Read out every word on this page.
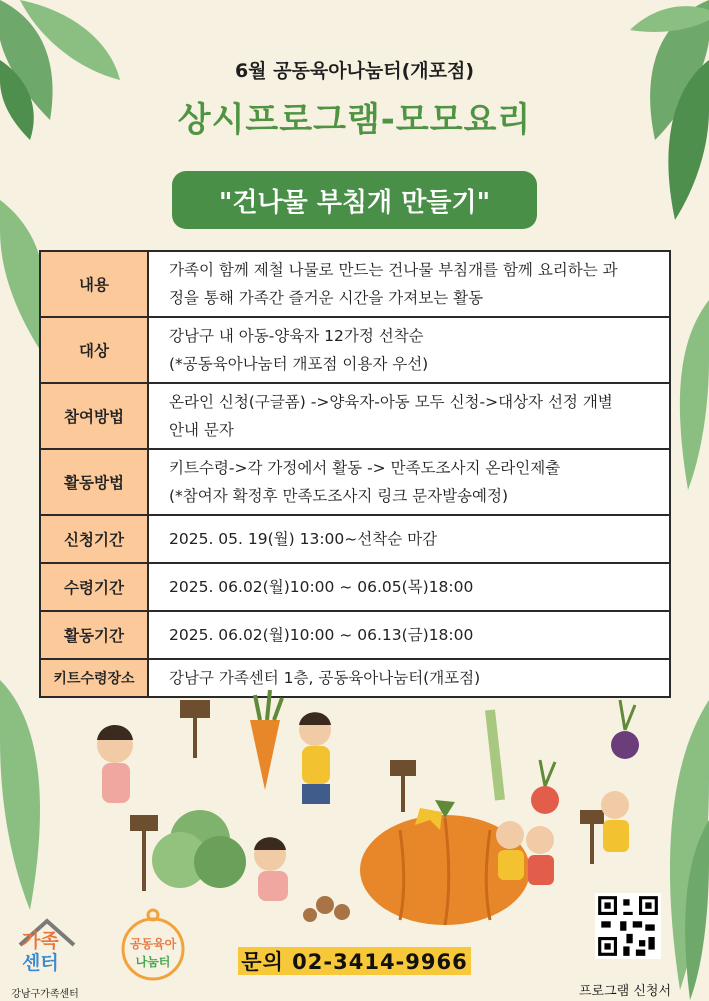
6월 공동육아나눔터(개포점)
상시프로그램-모모요리
"건나물 부침개 만들기"
내용	가족이 함께 제철 나물로 만드는 건나물 부침개를 함께 요리하는 과
정을 통해 가족간 즐거운 시간을 가져보는 활동

대상	강남구 내 아동-양육자 12가정 선착순
(*공동육아나눔터 개포점 이용자 우선)

참여방법	온라인 신청(구글폼) ->양육자-아동 모두 신청->대상자 선정 개별
안내 문자

활동방법	키트수령->각 가정에서 활동 -> 만족도조사지 온라인제출
(*참여자 확정후 만족도조사지 링크 문자발송예정)

신청기간	2025. 05. 19(월) 13:00~선착순 마감

수령기간	2025. 06.02(월)10:00 ~ 06.05(목)18:00

활동기간	2025. 06.02(월)10:00 ~ 06.13(금)18:00

키트수령장소	강남구 가족센터 1층, 공동육아나눔터(개포점)
가족
센터
강남구가족센터
공동육아
나눔터	문의 02-3414-9966
프로그램 신청서
